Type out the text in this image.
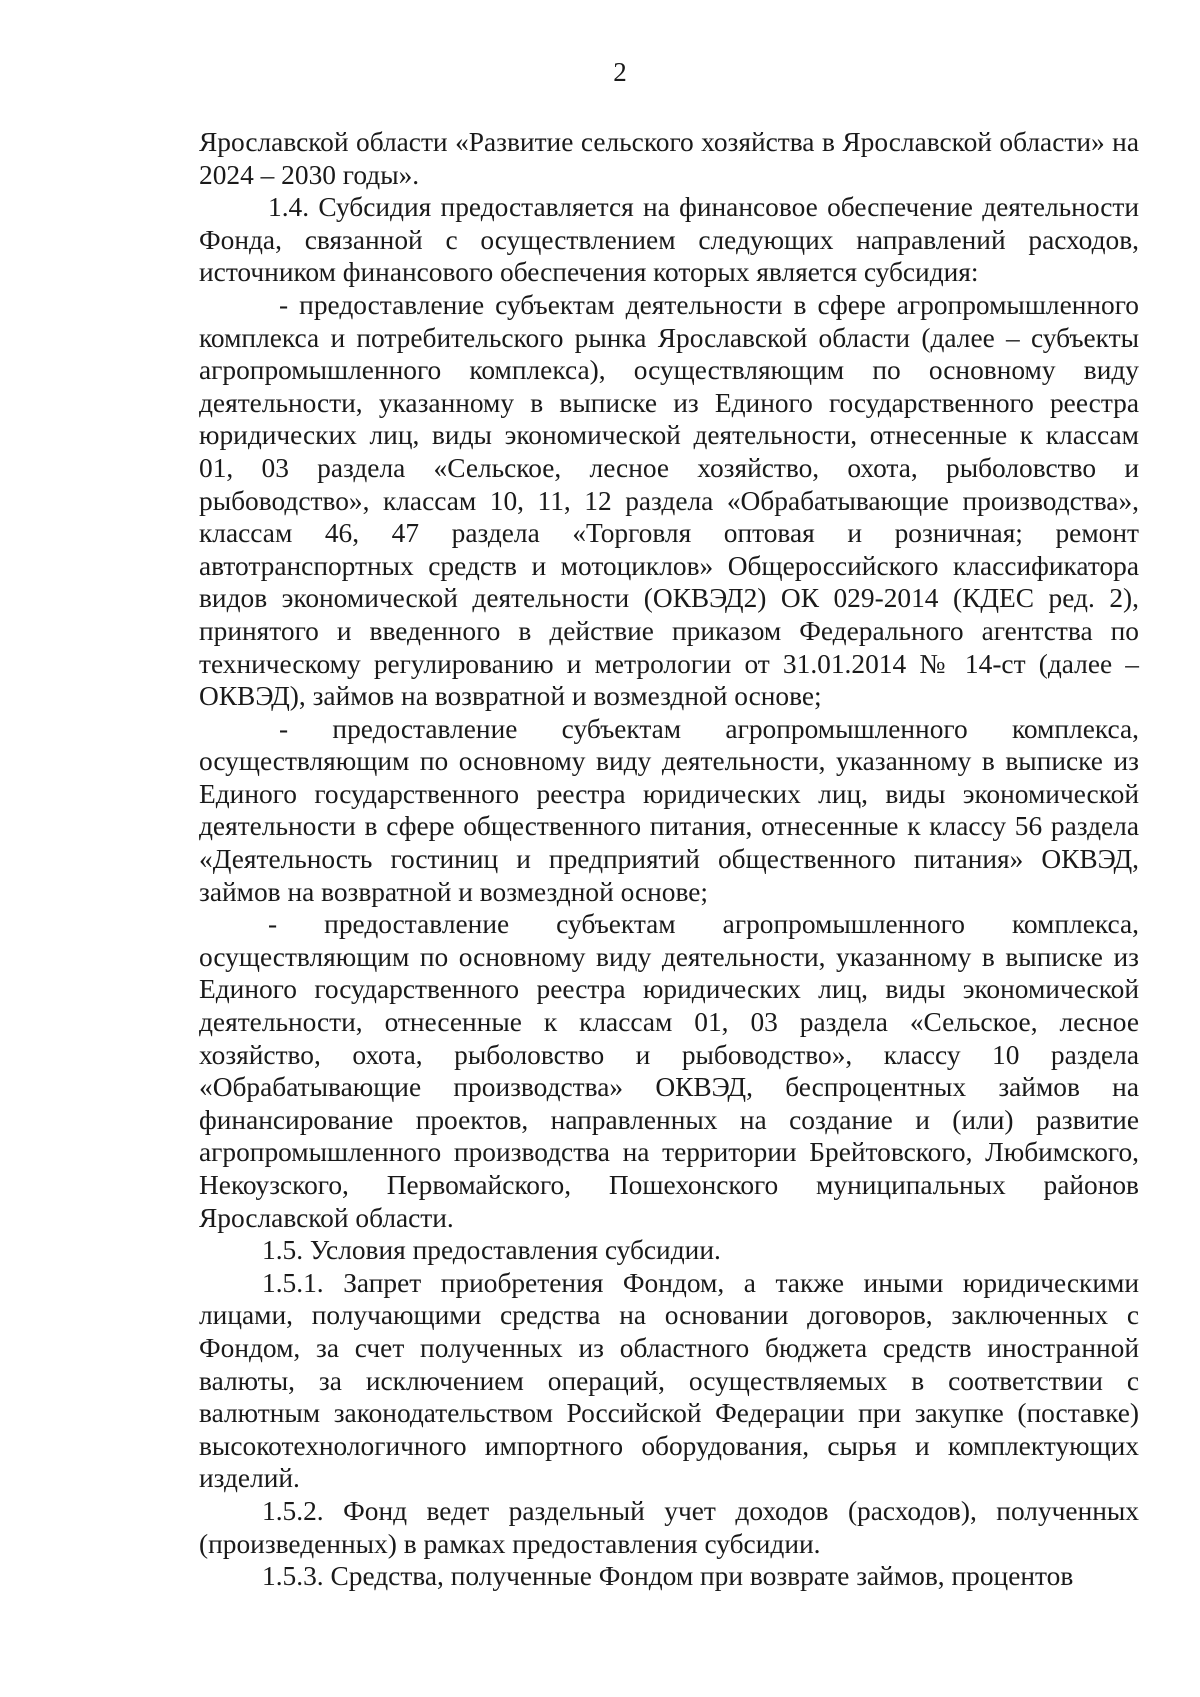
2

Ярославской области «Развитие сельского хозяйства в Ярославской области» на 2024 – 2030 годы».

1.4. Субсидия предоставляется на финансовое обеспечение деятельности Фонда, связанной с осуществлением следующих направлений расходов, источником финансового обеспечения которых является субсидия:

- предоставление субъектам деятельности в сфере агропромышленного комплекса и потребительского рынка Ярославской области (далее – субъекты агропромышленного комплекса), осуществляющим по основному виду деятельности, указанному в выписке из Единого государственного реестра юридических лиц, виды экономической деятельности, отнесенные к классам 01, 03 раздела «Сельское, лесное хозяйство, охота, рыболовство и рыбоводство», классам 10, 11, 12 раздела «Обрабатывающие производства», классам 46, 47 раздела «Торговля оптовая и розничная; ремонт автотранспортных средств и мотоциклов» Общероссийского классификатора видов экономической деятельности (ОКВЭД2) ОК 029-2014 (КДЕС ред. 2), принятого и введенного в действие приказом Федерального агентства по техническому регулированию и метрологии от 31.01.2014 № 14-ст (далее – ОКВЭД), займов на возвратной и возмездной основе;

- предоставление субъектам агропромышленного комплекса, осуществляющим по основному виду деятельности, указанному в выписке из Единого государственного реестра юридических лиц, виды экономической деятельности в сфере общественного питания, отнесенные к классу 56 раздела «Деятельность гостиниц и предприятий общественного питания» ОКВЭД, займов на возвратной и возмездной основе;

- предоставление субъектам агропромышленного комплекса, осуществляющим по основному виду деятельности, указанному в выписке из Единого государственного реестра юридических лиц, виды экономической деятельности, отнесенные к классам 01, 03 раздела «Сельское, лесное хозяйство, охота, рыболовство и рыбоводство», классу 10 раздела «Обрабатывающие производства» ОКВЭД, беспроцентных займов на финансирование проектов, направленных на создание и (или) развитие агропромышленного производства на территории Брейтовского, Любимского, Некоузского, Первомайского, Пошехонского муниципальных районов Ярославской области.

1.5. Условия предоставления субсидии.

1.5.1. Запрет приобретения Фондом, а также иными юридическими лицами, получающими средства на основании договоров, заключенных с Фондом, за счет полученных из областного бюджета средств иностранной валюты, за исключением операций, осуществляемых в соответствии с валютным законодательством Российской Федерации при закупке (поставке) высокотехнологичного импортного оборудования, сырья и комплектующих изделий.

1.5.2. Фонд ведет раздельный учет доходов (расходов), полученных (произведенных) в рамках предоставления субсидии.

1.5.3. Средства, полученные Фондом при возврате займов, процентов
